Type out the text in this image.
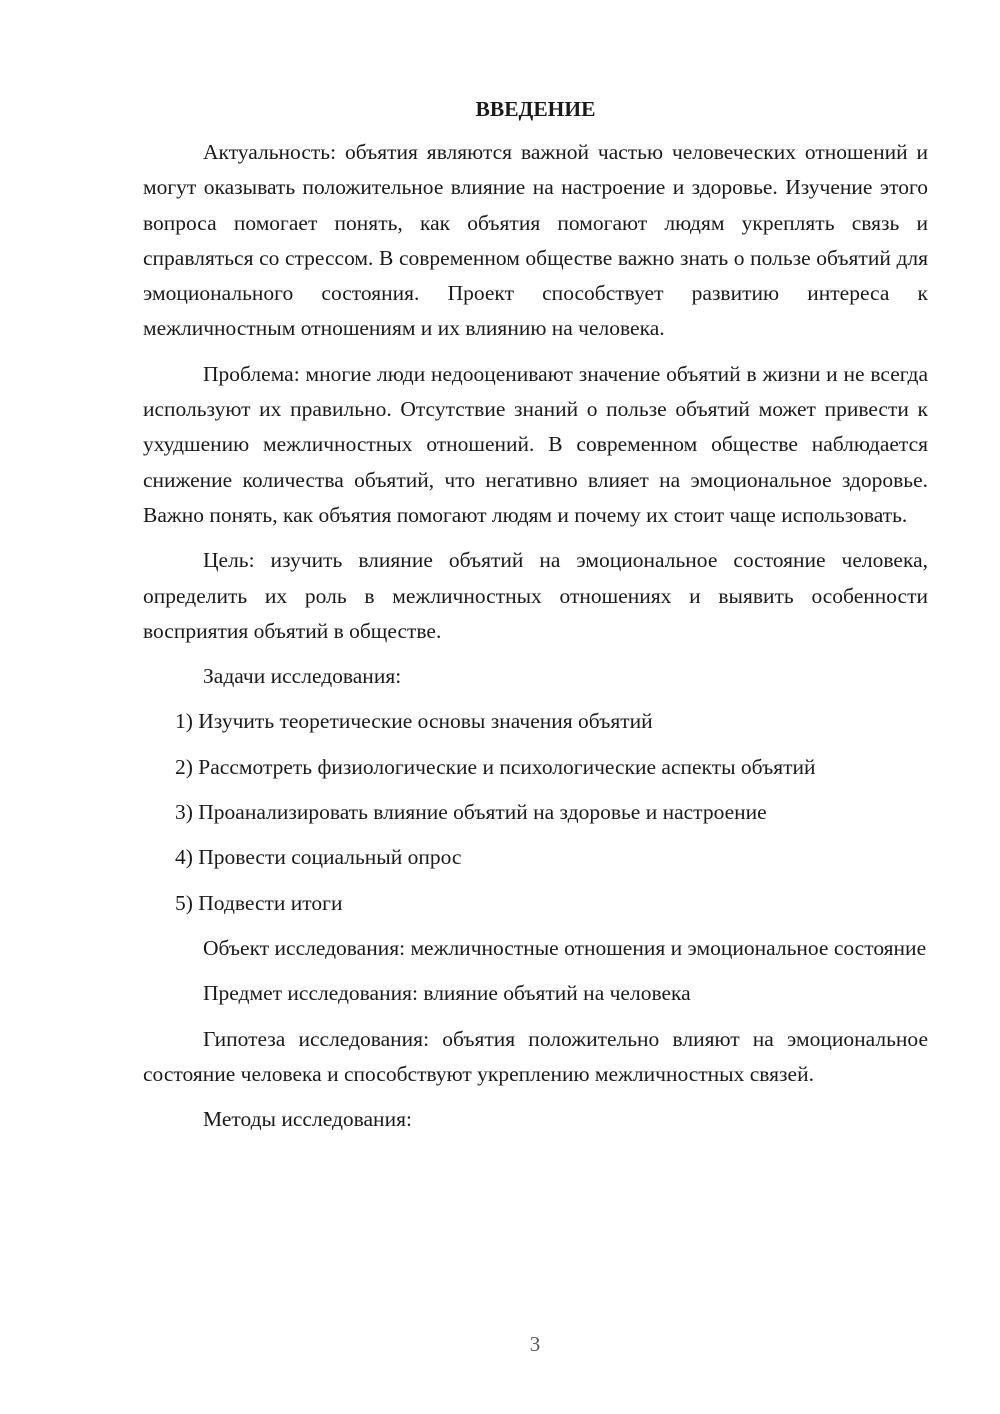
ВВЕДЕНИЕ

Актуальность: объятия являются важной частью человеческих отношений и могут оказывать положительное влияние на настроение и здоровье. Изучение этого вопроса помогает понять, как объятия помогают людям укреплять связь и справляться со стрессом. В современном обществе важно знать о пользе объятий для эмоционального состояния. Проект способствует развитию интереса к межличностным отношениям и их влиянию на человека.

Проблема: многие люди недооценивают значение объятий в жизни и не всегда используют их правильно. Отсутствие знаний о пользе объятий может привести к ухудшению межличностных отношений. В современном обществе наблюдается снижение количества объятий, что негативно влияет на эмоциональное здоровье. Важно понять, как объятия помогают людям и почему их стоит чаще использовать.

Цель: изучить влияние объятий на эмоциональное состояние человека, определить их роль в межличностных отношениях и выявить особенности восприятия объятий в обществе.

Задачи исследования:

1) Изучить теоретические основы значения объятий
2) Рассмотреть физиологические и психологические аспекты объятий
3) Проанализировать влияние объятий на здоровье и настроение
4) Провести социальный опрос
5) Подвести итоги

Объект исследования: межличностные отношения и эмоциональное состояние

Предмет исследования: влияние объятий на человека

Гипотеза исследования: объятия положительно влияют на эмоциональное состояние человека и способствуют укреплению межличностных связей.

Методы исследования:

3
